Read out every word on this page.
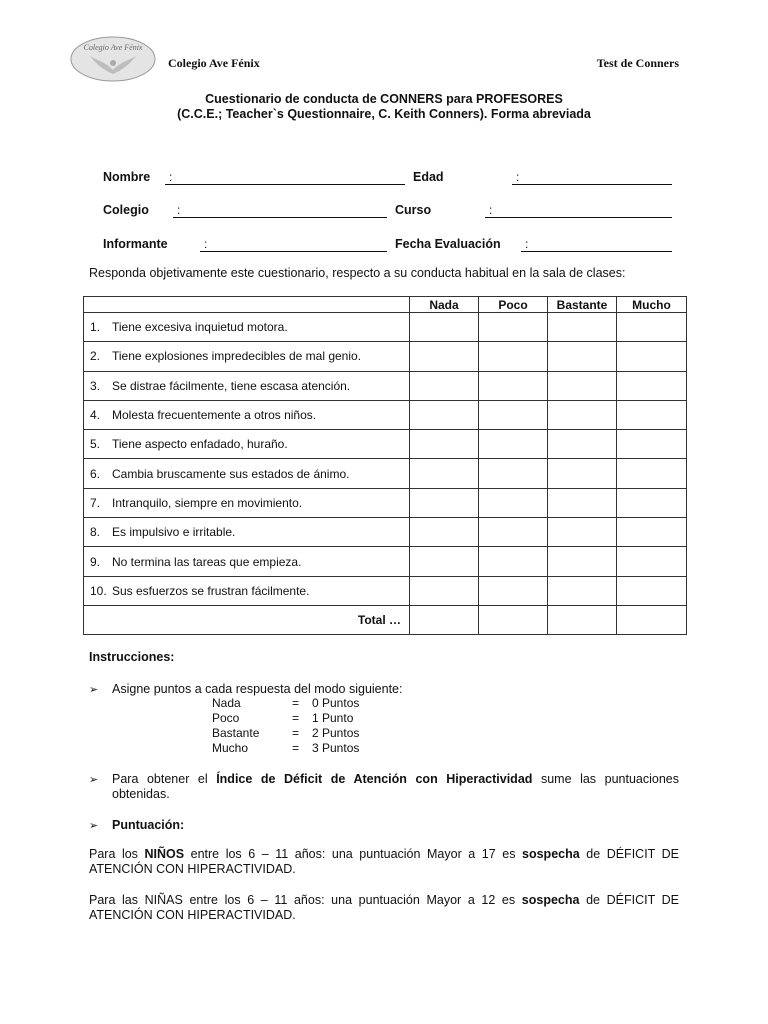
Colegio Ave Fénix
Colegio Ave Fénix	Test de Conners
Cuestionario de conducta de CONNERS para PROFESORES
(C.C.E.; Teacher`s Questionnaire, C. Keith Conners). Forma abreviada
Nombre	:	Edad	:
Colegio	:	Curso	:
Informante	:	Fecha Evaluación	:
Responda objetivamente este cuestionario, respecto a su conducta habitual en la sala de clases:
	Nada	Poco	Bastante	Mucho
1. Tiene excesiva inquietud motora.				
2. Tiene explosiones impredecibles de mal genio.				
3. Se distrae fácilmente, tiene escasa atención.				
4. Molesta frecuentemente a otros niños.				
5. Tiene aspecto enfadado, huraño.				
6. Cambia bruscamente sus estados de ánimo.				
7. Intranquilo, siempre en movimiento.				
8. Es impulsivo e irritable.				
9. No termina las tareas que empieza.				
10. Sus esfuerzos se frustran fácilmente.				
Total …				
Instrucciones:
➢ Asigne puntos a cada respuesta del modo siguiente:
Nada	= 0 Puntos
Poco	= 1 Punto
Bastante	= 2 Puntos
Mucho	= 3 Puntos
➢ Para obtener el Índice de Déficit de Atención con Hiperactividad sume las puntuaciones obtenidas.
➢ Puntuación:
Para los NIÑOS entre los 6 – 11 años: una puntuación Mayor a 17 es sospecha de DÉFICIT DE ATENCIÓN CON HIPERACTIVIDAD.
Para las NIÑAS entre los 6 – 11 años: una puntuación Mayor a 12 es sospecha de DÉFICIT DE ATENCIÓN CON HIPERACTIVIDAD.
